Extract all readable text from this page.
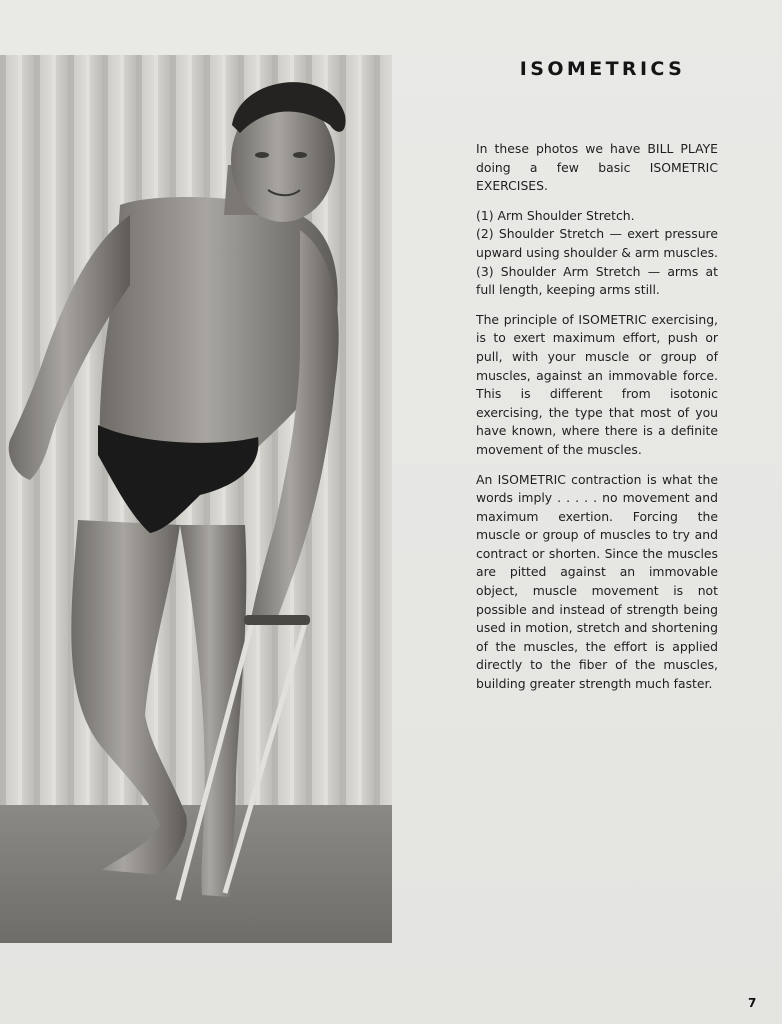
ISOMETRICS

In these photos we have BILL PLAYE doing a few basic ISOMETRIC EXERCISES.

(1) Arm Shoulder Stretch.
(2) Shoulder Stretch — exert pressure upward using shoulder & arm muscles.
(3) Shoulder Arm Stretch — arms at full length, keeping arms still.

The principle of ISOMETRIC exercising, is to exert maximum effort, push or pull, with your muscle or group of muscles, against an immovable force. This is different from isotonic exercising, the type that most of you have known, where there is a definite movement of the muscles.

An ISOMETRIC contraction is what the words imply . . . . . no movement and maximum exertion. Forcing the muscle or group of muscles to try and contract or shorten. Since the muscles are pitted against an immovable object, muscle movement is not possible and instead of strength being used in motion, stretch and shortening of the muscles, the effort is applied directly to the fiber of the muscles, building greater strength much faster.

7
